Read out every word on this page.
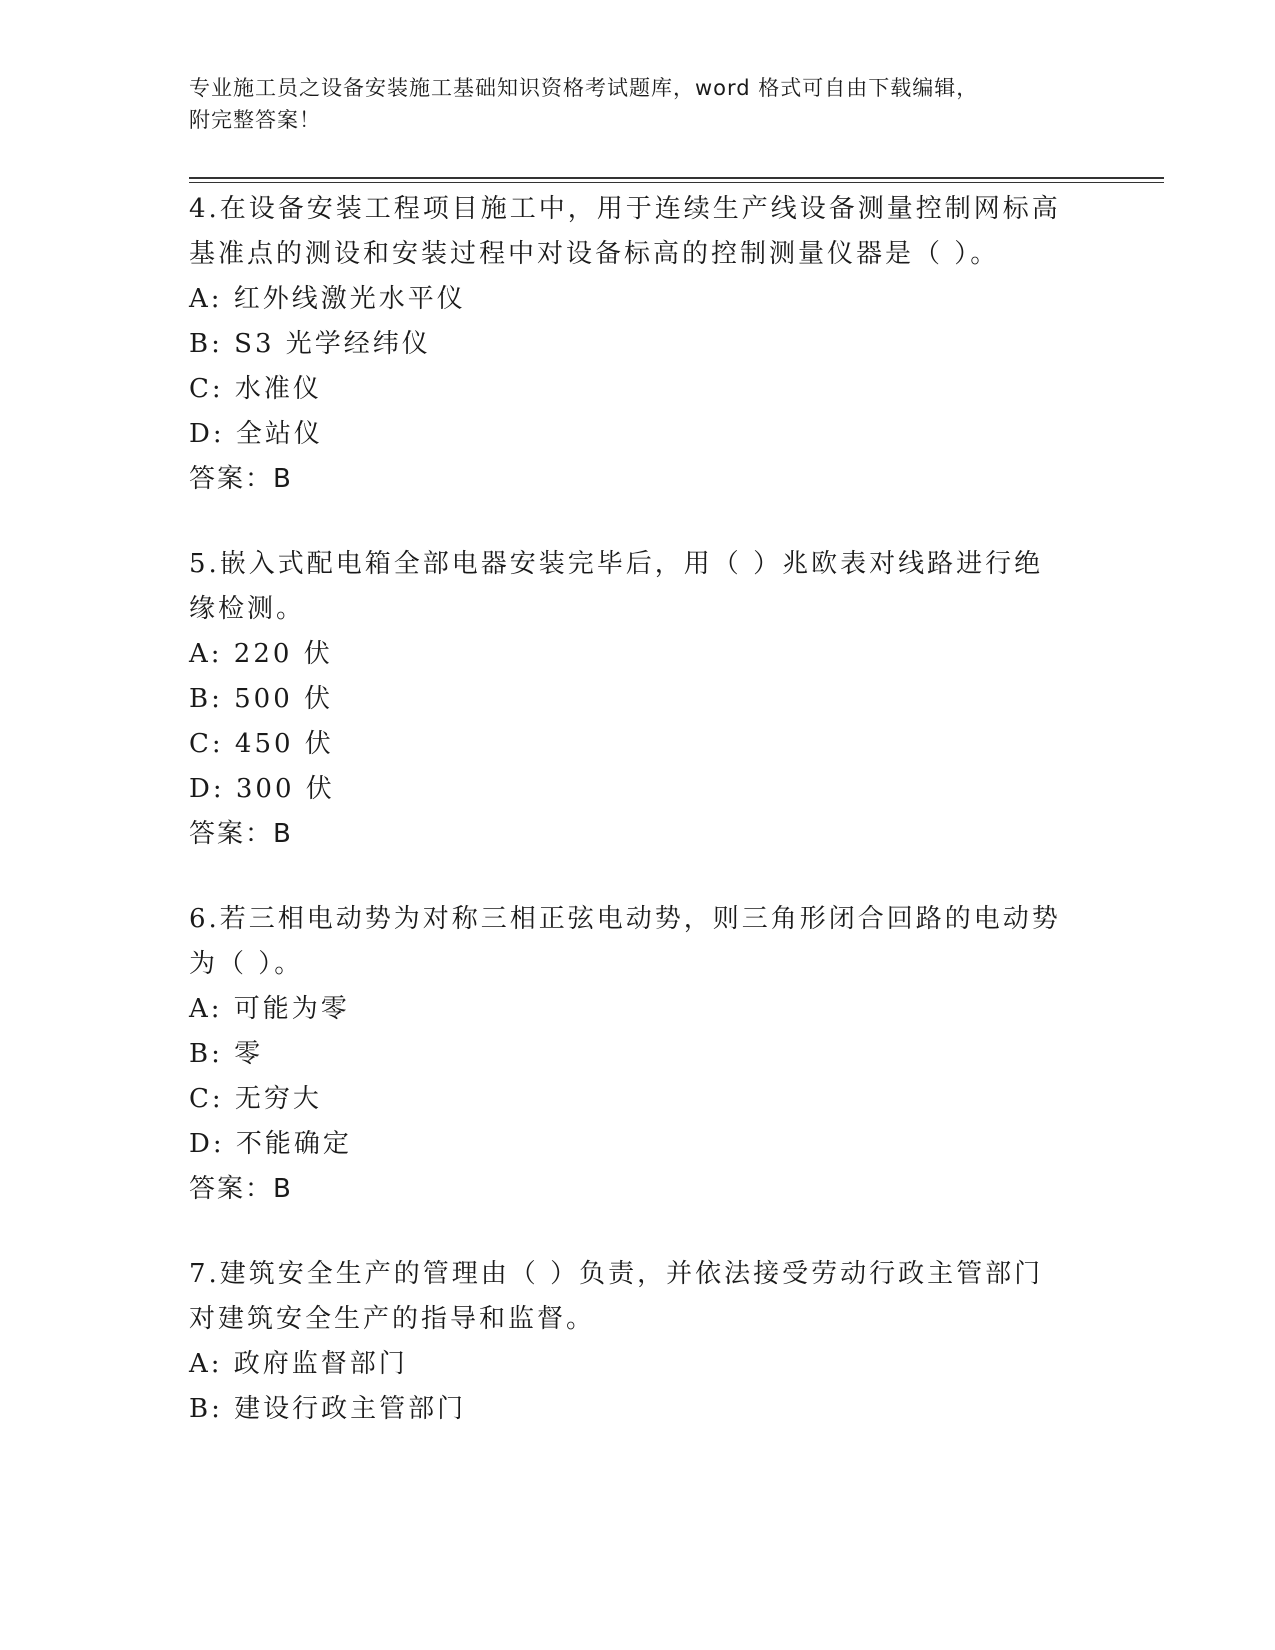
专业施工员之设备安装施工基础知识资格考试题库，word 格式可自由下载编辑，
附完整答案！
4.在设备安装工程项目施工中，用于连续生产线设备测量控制网标高基准点的测设和安装过程中对设备标高的控制测量仪器是（ ）。
A: 红外线激光水平仪
B: S3 光学经纬仪
C: 水准仪
D: 全站仪
答案：B
5.嵌入式配电箱全部电器安装完毕后，用（ ）兆欧表对线路进行绝缘检测。
A: 220 伏
B: 500 伏
C: 450 伏
D: 300 伏
答案：B
6.若三相电动势为对称三相正弦电动势，则三角形闭合回路的电动势为（ ）。
A: 可能为零
B: 零
C: 无穷大
D: 不能确定
答案：B
7.建筑安全生产的管理由（ ）负责，并依法接受劳动行政主管部门对建筑安全生产的指导和监督。
A: 政府监督部门
B: 建设行政主管部门
